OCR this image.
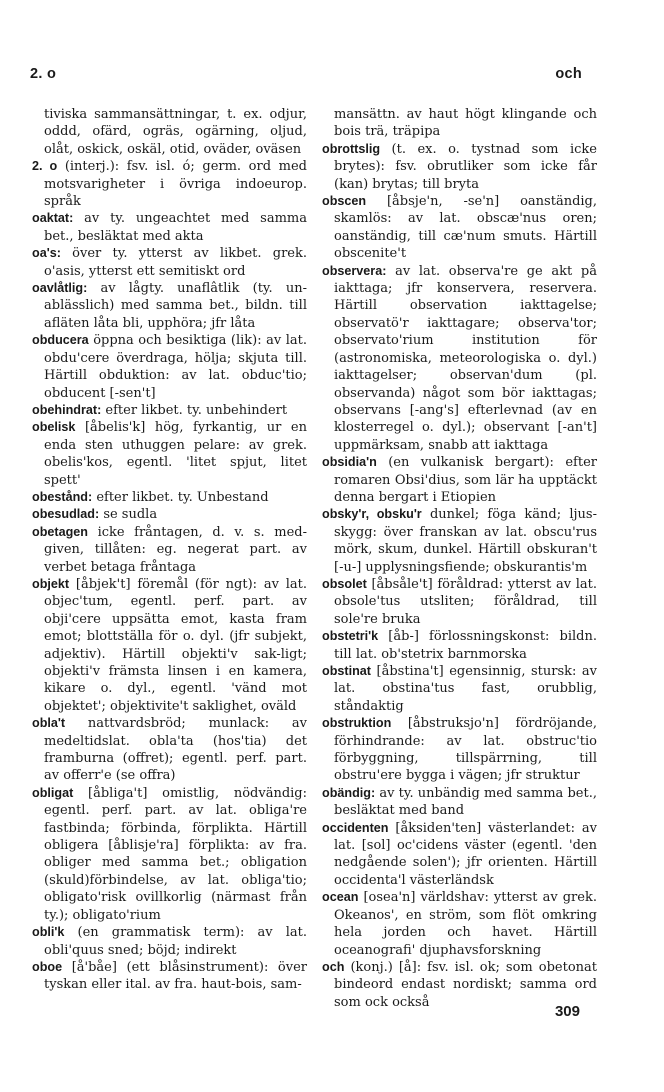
2. o	och

tiviska sammansättningar, t. ex. odjur, oddd, ofärd, ogräs, ogärning, oljud, olåt, oskick, oskäl, otid, oväder, oväsen

2. o (interj.): fsv. isl. ó; germ. ord med motsvarigheter i övriga indoeurop. språk

oaktat: av ty. ungeachtet med samma bet., besläktat med akta

oa's: över ty. ytterst av likbet. grek. o'asis, ytterst ett semitiskt ord

oavlåtlig: av lågty. unaflâtlik (ty. un-ablässlich) med samma bet., bildn. till afläten låta bli, upphöra; jfr låta

obducera öppna och besiktiga (lik): av lat. obdu'cere överdraga, hölja; skjuta till. Härtill obduktion: av lat. obduc'tio; obducent [-sen't]

obehindrat: efter likbet. ty. unbehindert

obelisk [åbelis'k] hög, fyrkantig, ur en enda sten uthuggen pelare: av grek. obelis'kos, egentl. 'litet spjut, litet spett'

obestånd: efter likbet. ty. Unbestand

obesudlad: se sudla

obetagen icke fråntagen, d. v. s. med-given, tillåten: eg. negerat part. av verbet betaga fråntaga

objekt [åbjek't] föremål (för ngt): av lat. objec'tum, egentl. perf. part. av obji'cere uppsätta emot, kasta fram emot; blottställa för o. dyl. (jfr subjekt, adjektiv). Härtill objekti'v sak-ligt; objekti'v främsta linsen i en kamera, kikare o. dyl., egentl. 'vänd mot objektet'; objektivite't saklighet, oväld

obla't nattvardsbröd; munlack: av medeltidslat. obla'ta (hos'tia) det framburna (offret); egentl. perf. part. av offerr'e (se offra)

obligat [åbliga't] omistlig, nödvändig: egentl. perf. part. av lat. obliga're fastbinda; förbinda, förplikta. Härtill obligera [åblisje'ra] förplikta: av fra. obliger med samma bet.; obligation (skuld)förbindelse, av lat. obliga'tio; obligato'risk ovillkorlig (närmast från ty.); obligato'rium

obli'k (en grammatisk term): av lat. obli'quus sned; böjd; indirekt

oboe [å'båe] (ett blåsinstrument): över tyskan eller ital. av fra. haut-bois, sam-

mansättn. av haut högt klingande och bois trä, träpipa

obrottslig (t. ex. o. tystnad som icke brytes): fsv. obrutliker som icke får (kan) brytas; till bryta

obscen [åbsje'n, -se'n] oanständig, skamlös: av lat. obscæ'nus oren; oanständig, till cæ'num smuts. Härtill obscenite't

observera: av lat. observa're ge akt på iakttaga; jfr konservera, reservera. Härtill observation iakttagelse; observatö'r iakttagare; observa'tor; observato'rium institution för (astronomiska, meteorologiska o. dyl.) iakttagelser; observan'dum (pl. observanda) något som bör iakttagas; observans [-ang's] efterlevnad (av en klosterregel o. dyl.); observant [-an't] uppmärksam, snabb att iakttaga

obsidia'n (en vulkanisk bergart): efter romaren Obsi'dius, som lär ha upptäckt denna bergart i Etiopien

obsky'r, obsku'r dunkel; föga känd; ljus-skygg: över franskan av lat. obscu'rus mörk, skum, dunkel. Härtill obskuran't [-u-] upplysningsfiende; obskurantis'm

obsolet [åbsåle't] föråldrad: ytterst av lat. obsole'tus utsliten; föråldrad, till sole're bruka

obstetri'k [åb-] förlossningskonst: bildn. till lat. ob'stetrix barnmorska

obstinat [åbstina't] egensinnig, stursk: av lat. obstina'tus fast, orubblig, ståndaktig

obstruktion [åbstruksjo'n] fördröjande, förhindrande: av lat. obstruc'tio förbyggning, tillspärrning, till obstru'ere bygga i vägen; jfr struktur

obändig: av ty. unbändig med samma bet., besläktat med band

occidenten [åksiden'ten] västerlandet: av lat. [sol] oc'cidens väster (egentl. 'den nedgående solen'); jfr orienten. Härtill occidenta'l västerländsk

ocean [osea'n] världshav: ytterst av grek. Okeanos', en ström, som flöt omkring hela jorden och havet. Härtill oceanografi' djuphavsforskning

och (konj.) [å]: fsv. isl. ok; som obetonat bindeord endast nordiskt; samma ord som ock också

309
